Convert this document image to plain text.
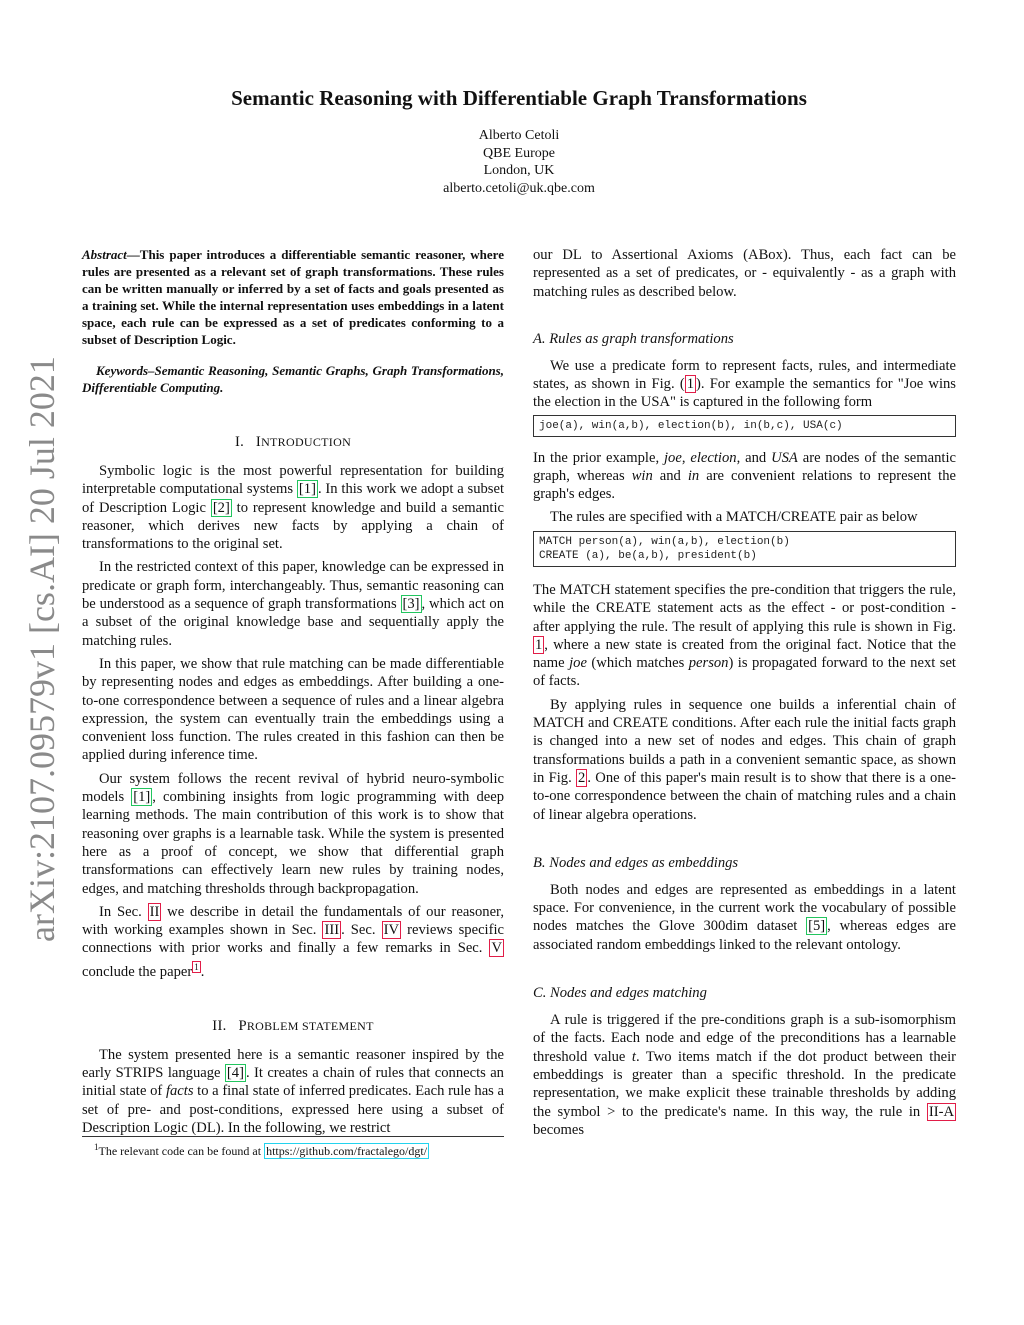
arXiv:2107.09579v1 [cs.AI] 20 Jul 2021
Semantic Reasoning with Differentiable Graph Transformations
Alberto Cetoli
QBE Europe
London, UK
alberto.cetoli@uk.qbe.com

Abstract—This paper introduces a differentiable semantic reasoner, where rules are presented as a relevant set of graph transformations. These rules can be written manually or inferred by a set of facts and goals presented as a training set. While the internal representation uses embeddings in a latent space, each rule can be expressed as a set of predicates conforming to a subset of Description Logic.

Keywords–Semantic Reasoning, Semantic Graphs, Graph Transformations, Differentiable Computing.

I. INTRODUCTION

Symbolic logic is the most powerful representation for building interpretable computational systems [1] . In this work we adopt a subset of Description Logic [2] to represent knowledge and build a semantic reasoner, which derives new facts by applying a chain of transformations to the original set.

In the restricted context of this paper, knowledge can be expressed in predicate or graph form, interchangeably. Thus, semantic reasoning can be understood as a sequence of graph transformations [3] , which act on a subset of the original knowledge base and sequentially apply the matching rules.

In this paper, we show that rule matching can be made differentiable by representing nodes and edges as embeddings. After building a one-to-one correspondence between a sequence of rules and a linear algebra expression, the system can eventually train the embeddings using a convenient loss function. The rules created in this fashion can then be applied during inference time.

Our system follows the recent revival of hybrid neuro-symbolic models [1] , combining insights from logic programming with deep learning methods. The main contribution of this work is to show that reasoning over graphs is a learnable task. While the system is presented here as a proof of concept, we show that differential graph transformations can effectively learn new rules by training nodes, edges, and matching thresholds through backpropagation.

In Sec. II we describe in detail the fundamentals of our reasoner, with working examples shown in Sec. III . Sec. IV reviews specific connections with prior works and finally a few remarks in Sec. V conclude the paper $^1$ .

II. PROBLEM STATEMENT

The system presented here is a semantic reasoner inspired by the early STRIPS language [4] . It creates a chain of rules that connects an initial state of facts to a final state of inferred predicates. Each rule has a set of pre- and post-conditions, expressed here using a subset of Description Logic (DL). In the following, we restrict

$^1$The relevant code can be found at https://github.com/fractalego/dgt/

our DL to Assertional Axioms (ABox). Thus, each fact can be represented as a set of predicates, or - equivalently - as a graph with matching rules as described below.

A. Rules as graph transformations

We use a predicate form to represent facts, rules, and intermediate states, as shown in Fig. ( 1 ). For example the semantics for "Joe wins the election in the USA" is captured in the following form

joe(a), win(a,b), election(b), in(b,c), USA(c)

In the prior example, joe, election, and USA are nodes of the semantic graph, whereas win and in are convenient relations to represent the graph's edges.

The rules are specified with a MATCH/CREATE pair as below

MATCH person(a), win(a,b), election(b)
CREATE (a), be(a,b), president(b)

The MATCH statement specifies the pre-condition that triggers the rule, while the CREATE statement acts as the effect - or post-condition - after applying the rule. The result of applying this rule is shown in Fig. 1 , where a new state is created from the original fact. Notice that the name joe (which matches person) is propagated forward to the next set of facts.

By applying rules in sequence one builds a inferential chain of MATCH and CREATE conditions. After each rule the initial facts graph is changed into a new set of nodes and edges. This chain of graph transformations builds a path in a convenient semantic space, as shown in Fig. 2 . One of this paper's main result is to show that there is a one-to-one correspondence between the chain of matching rules and a chain of linear algebra operations.

B. Nodes and edges as embeddings

Both nodes and edges are represented as embeddings in a latent space. For convenience, in the current work the vocabulary of possible nodes matches the Glove 300dim dataset [5] , whereas edges are associated random embeddings linked to the relevant ontology.

C. Nodes and edges matching

A rule is triggered if the pre-conditions graph is a sub-isomorphism of the facts. Each node and edge of the preconditions has a learnable threshold value t. Two items match if the dot product between their embeddings is greater than a specific threshold. In the predicate representation, we make explicit these trainable thresholds by adding the symbol > to the predicate's name. In this way, the rule in II-A becomes
